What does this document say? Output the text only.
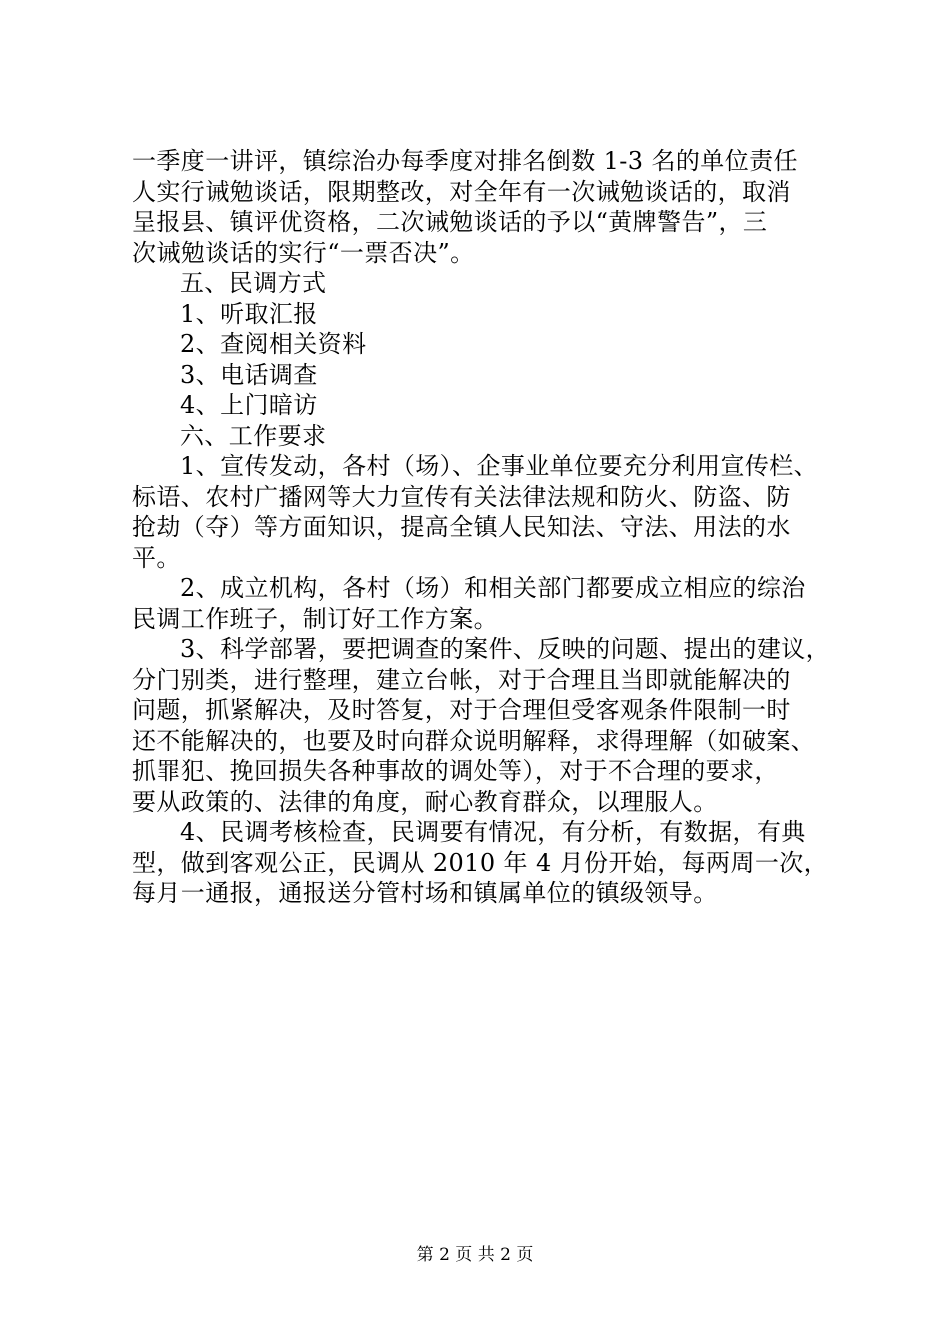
一季度一讲评，镇综治办每季度对排名倒数 1-3 名的单位责任
人实行诫勉谈话，限期整改，对全年有一次诫勉谈话的，取消
呈报县、镇评优资格，二次诫勉谈话的予以“黄牌警告”，三
次诫勉谈话的实行“一票否决”。
五、民调方式
1、听取汇报
2、查阅相关资料
3、电话调查
4、上门暗访
六、工作要求
1、宣传发动，各村（场）、企事业单位要充分利用宣传栏、
标语、农村广播网等大力宣传有关法律法规和防火、防盗、防
抢劫（夺）等方面知识，提高全镇人民知法、守法、用法的水
平。
2、成立机构，各村（场）和相关部门都要成立相应的综治
民调工作班子，制订好工作方案。
3、科学部署，要把调查的案件、反映的问题、提出的建议，
分门别类，进行整理，建立台帐，对于合理且当即就能解决的
问题，抓紧解决，及时答复，对于合理但受客观条件限制一时
还不能解决的，也要及时向群众说明解释，求得理解（如破案、
抓罪犯、挽回损失各种事故的调处等），对于不合理的要求，
要从政策的、法律的角度，耐心教育群众，以理服人。
4、民调考核检查，民调要有情况，有分析，有数据，有典
型，做到客观公正，民调从 2010 年 4 月份开始，每两周一次，
每月一通报，通报送分管村场和镇属单位的镇级领导。
第 2 页 共 2 页
